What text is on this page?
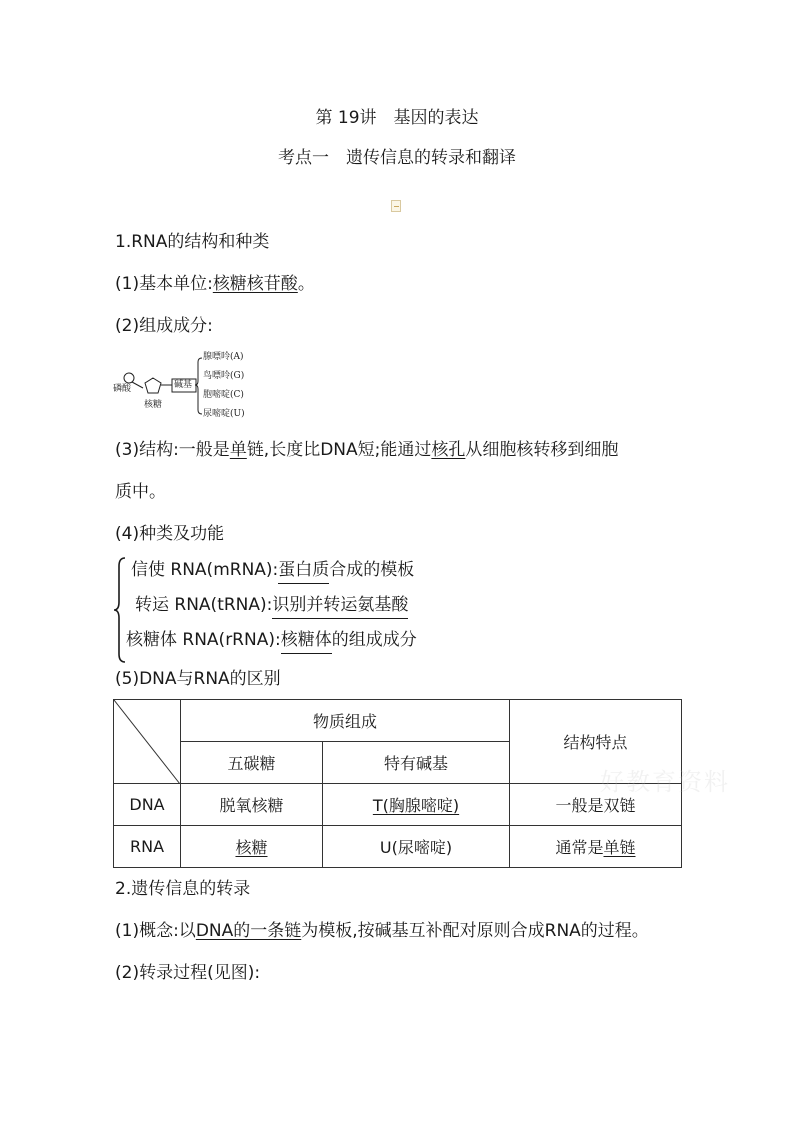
第 19讲　基因的表达
考点一　遗传信息的转录和翻译
1.RNA的结构和种类
(1)基本单位:核糖核苷酸。
(2)组成成分:
磷酸
核糖
碱基
腺嘌呤(A)
鸟嘌呤(G)
胞嘧啶(C)
尿嘧啶(U)
(3)结构:一般是单链,长度比DNA短;能通过核孔从细胞核转移到细胞
质中。
(4)种类及功能
信使 RNA(mRNA):蛋白质合成的模板
转运 RNA(tRNA):识别并转运氨基酸
核糖体 RNA(rRNA):核糖体的组成成分
(5)DNA与RNA的区别
	物质组成		结构特点
	五碳糖	特有碱基	
DNA	脱氧核糖	T(胸腺嘧啶)	一般是双链
RNA	核糖	U(尿嘧啶)	通常是单链
好教育资料
2.遗传信息的转录
(1)概念:以DNA的一条链为模板,按碱基互补配对原则合成RNA的过程。
(2)转录过程(见图):
